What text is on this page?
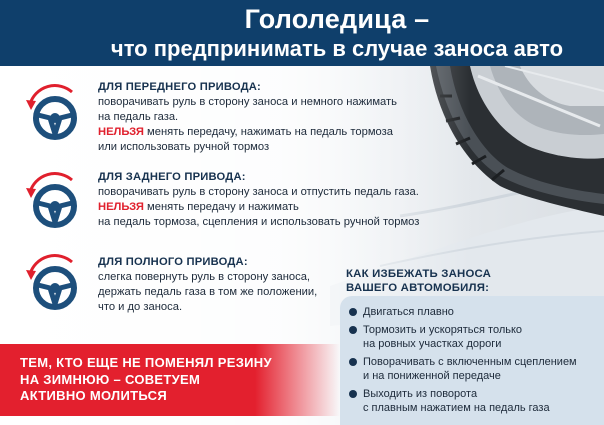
Гололедица –
что предпринимать в случае заноса авто
ДЛЯ ПЕРЕДНЕГО ПРИВОДА:
поворачивать руль в сторону заноса и немного нажимать
на педаль газа.
НЕЛЬЗЯ менять передачу, нажимать на педаль тормоза
или использовать ручной тормоз
ДЛЯ ЗАДНЕГО ПРИВОДА:
поворачивать руль в сторону заноса и отпустить педаль газа.
НЕЛЬЗЯ менять передачу и нажимать
на педаль тормоза, сцепления и использовать ручной тормоз
ДЛЯ ПОЛНОГО ПРИВОДА:
слегка повернуть руль в сторону заноса,
держать педаль газа в том же положении,
что и до заноса.
КАК ИЗБЕЖАТЬ ЗАНОСА
ВАШЕГО АВТОМОБИЛЯ:
Двигаться плавно
Тормозить и ускоряться только
на ровных участках дороги
Поворачивать с включенным сцеплением
и на пониженной передаче
Выходить из поворота
с плавным нажатием на педаль газа
ТЕМ, КТО ЕЩЕ НЕ ПОМЕНЯЛ РЕЗИНУ
НА ЗИМНЮЮ – СОВЕТУЕМ
АКТИВНО МОЛИТЬСЯ
